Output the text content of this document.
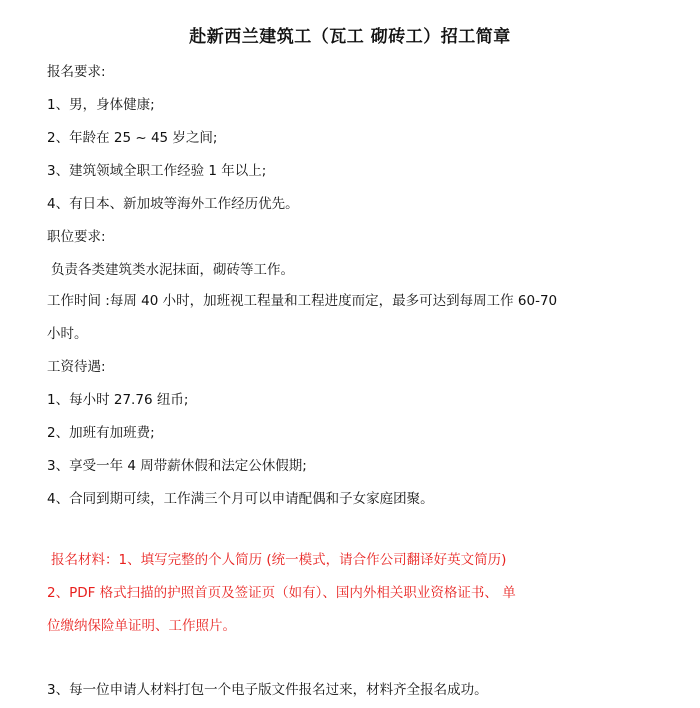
赴新西兰建筑工（瓦工 砌砖工）招工简章
报名要求:
1、男，身体健康;
2、年龄在 25 ~ 45 岁之间;
3、建筑领域全职工作经验 1 年以上;
4、有日本、新加坡等海外工作经历优先。
职位要求:
负责各类建筑类水泥抹面，砌砖等工作。
工作时间 :每周 40 小时，加班视工程量和工程进度而定，最多可达到每周工作 60-70
小时。
工资待遇:
1、每小时 27.76 纽币;
2、加班有加班费;
3、享受一年 4 周带薪休假和法定公休假期;
4、合同到期可续，工作满三个月可以申请配偶和子女家庭团聚。
报名材料：1、填写完整的个人简历 (统一模式，请合作公司翻译好英文简历)
2、PDF 格式扫描的护照首页及签证页（如有）、国内外相关职业资格证书、 单
位缴纳保险单证明、工作照片。
3、每一位申请人材料打包一个电子版文件报名过来，材料齐全报名成功。
